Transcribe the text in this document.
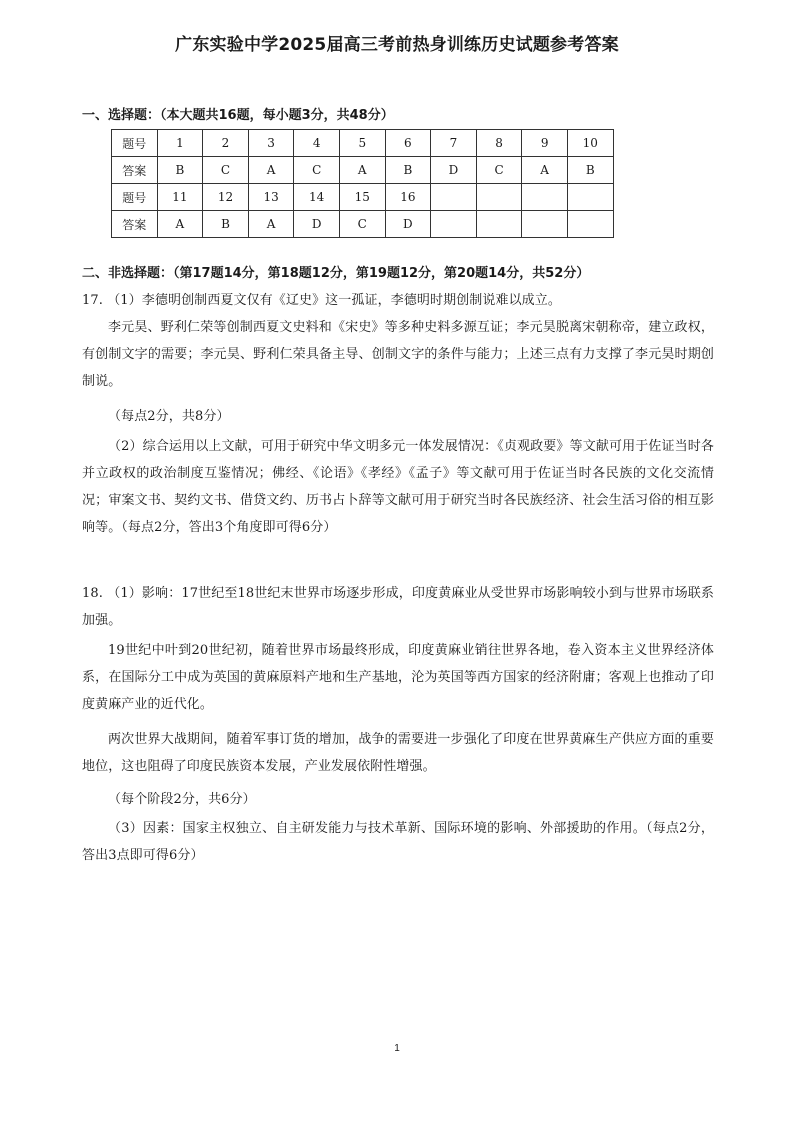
广东实验中学2025届高三考前热身训练历史试题参考答案
一、选择题：（本大题共16题，每小题3分，共48分）
题号	1	2	3	4	5	6	7	8	9	10
答案	B	C	A	C	A	B	D	C	A	B
题号	11	12	13	14	15	16				
答案	A	B	A	D	C	D				
二、非选择题：（第17题14分，第18题12分，第19题12分，第20题14分，共52分）
17. （1）李德明创制西夏文仅有《辽史》这一孤证，李德明时期创制说难以成立。
李元昊、野利仁荣等创制西夏文史料和《宋史》等多种史料多源互证；李元昊脱离宋朝称帝，建立政权，有创制文字的需要；李元昊、野利仁荣具备主导、创制文字的条件与能力；上述三点有力支撑了李元昊时期创制说。
（每点2分，共8分）
（2）综合运用以上文献，可用于研究中华文明多元一体发展情况：《贞观政要》等文献可用于佐证当时各并立政权的政治制度互鉴情况；佛经、《论语》《孝经》《孟子》等文献可用于佐证当时各民族的文化交流情况；审案文书、契约文书、借贷文约、历书占卜辞等文献可用于研究当时各民族经济、社会生活习俗的相互影响等。（每点2分，答出3个角度即可得6分）
18. （1）影响：17世纪至18世纪末世界市场逐步形成，印度黄麻业从受世界市场影响较小到与世界市场联系加强。
19世纪中叶到20世纪初，随着世界市场最终形成，印度黄麻业销往世界各地，卷入资本主义世界经济体系，在国际分工中成为英国的黄麻原料产地和生产基地，沦为英国等西方国家的经济附庸；客观上也推动了印度黄麻产业的近代化。
两次世界大战期间，随着军事订货的增加，战争的需要进一步强化了印度在世界黄麻生产供应方面的重要地位，这也阻碍了印度民族资本发展，产业发展依附性增强。
（每个阶段2分，共6分）
（3）因素：国家主权独立、自主研发能力与技术革新、国际环境的影响、外部援助的作用。（每点2分，答出3点即可得6分）
1
